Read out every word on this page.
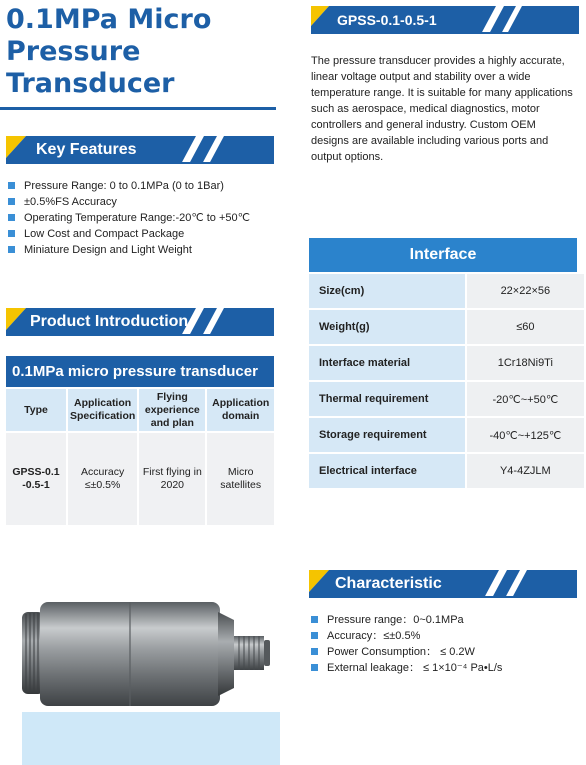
0.1MPa Micro
Pressure
Transducer
GPSS-0.1-0.5-1

The pressure transducer provides a highly accurate, linear voltage output and stability over a wide temperature range. It is suitable for many applications such as aerospace, medical diagnostics, motor controllers and general industry. Custom OEM designs are available including various ports and output options.

Key Features
Pressure Range: 0 to 0.1MPa (0 to 1Bar)
±0.5%FS Accuracy
Operating Temperature Range:-20℃ to +50℃
Low Cost and Compact Package
Miniature Design and Light Weight
Product Introduction
0.1MPa micro pressure transducer
Type	Application Specification	Flying experience and plan	Application domain
GPSS-0.1 -0.5-1	Accuracy ≤±0.5%	First flying in 2020	Micro satellites
Interface
Size(cm)	22×22×56
Weight(g)	≤60
Interface material	1Cr18Ni9Ti
Thermal requirement	-20℃~+50℃
Storage requirement	-40℃~+125℃
Electrical interface	Y4-4ZJLM
Characteristic
Pressure range：0~0.1MPa
Accuracy：≤±0.5%
Power Consumption： ≤ 0.2W
External leakage： ≤ 1×10⁻⁴ Pa•L/s
